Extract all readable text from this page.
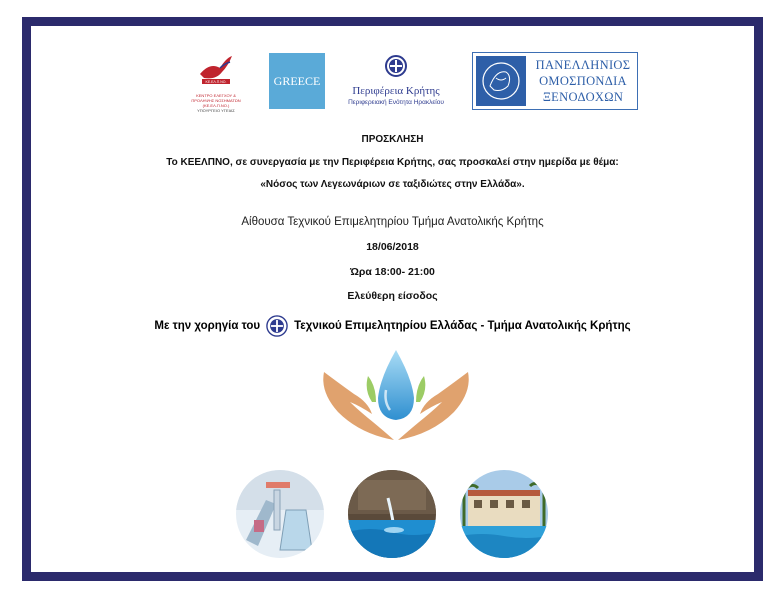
ΚΕ.ΕΛ.Π.ΝΟ.
ΚΕΝΤΡΟ ΕΛΕΓΧΟΥ &
ΠΡΟΛΗΨΗΣ ΝΟΣΗΜΑΤΩΝ (ΚΕ.ΕΛ.Π.ΝΟ.)
ΥΠΟΥΡΓΕΙΟ ΥΓΕΙΑΣ
GREECE
Περιφέρεια Κρήτης
Περιφερειακή Ενότητα Ηρακλείου
ΠΑΝΕΛΛΗΝΙΟΣ
ΟΜΟΣΠΟΝΔΙΑ
ΞΕΝΟΔΟΧΩΝ
ΠΡΟΣΚΛΗΣΗ
Το ΚΕΕΛΠΝΟ, σε συνεργασία με την Περιφέρεια Κρήτης, σας προσκαλεί στην ημερίδα με θέμα:
«Νόσος των Λεγεωνάριων σε ταξιδιώτες στην Ελλάδα».
Αίθουσα Τεχνικού Επιμελητηρίου Τμήμα Ανατολικής Κρήτης
18/06/2018
Ώρα 18:00- 21:00
Ελεύθερη είσοδος
Με την χορηγία του	Τεχνικού Επιμελητηρίου Ελλάδας - Τμήμα Ανατολικής Κρήτης
